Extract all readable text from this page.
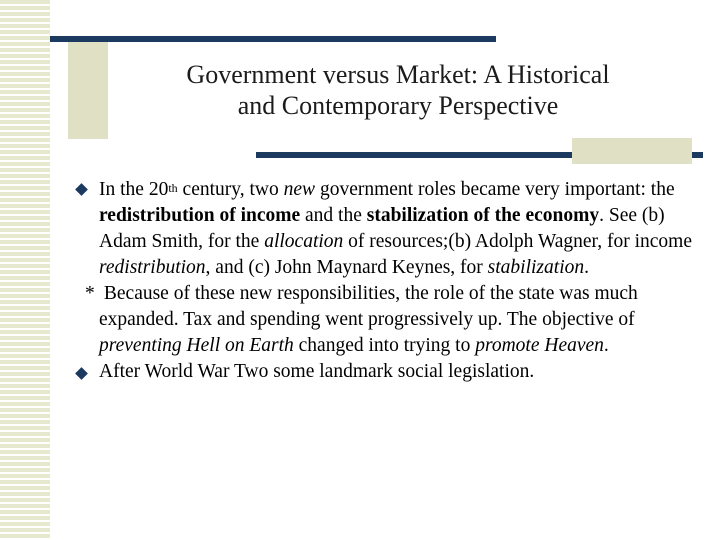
Government versus Market: A Historical
and Contemporary Perspective
In the 20th century, two new government roles became very important: the redistribution of income and the stabilization of the economy. See (b) Adam Smith, for the allocation of resources;(b) Adolph Wagner, for income redistribution, and (c) John Maynard Keynes, for stabilization.
* Because of these new responsibilities, the role of the state was much expanded. Tax and spending went progressively up. The objective of preventing Hell on Earth changed into trying to promote Heaven.
After World War Two some landmark social legislation.
